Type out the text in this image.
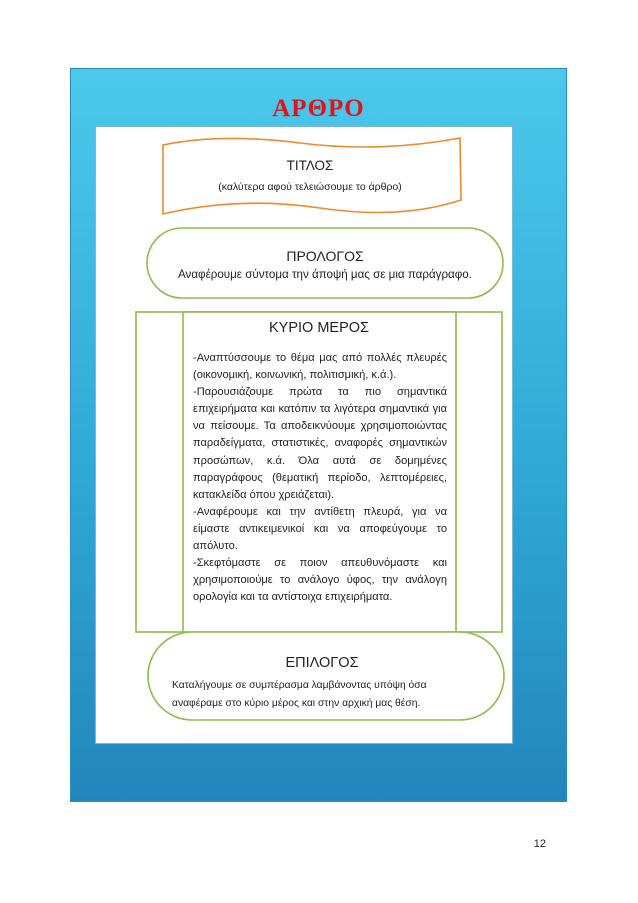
ΑΡΘΡΟ
ΤΙΤΛΟΣ
(καλύτερα αφού τελειώσουμε το άρθρο)
ΠΡΟΛΟΓΟΣ
Αναφέρουμε σύντομα την άποψή μας σε μια παράγραφο.
ΚΥΡΙΟ ΜΕΡΟΣ

-Αναπτύσσουμε το θέμα μας από πολλές πλευρές (οικονομική, κοινωνική, πολιτισμική, κ.ά.).

-Παρουσιάζουμε πρώτα τα πιο σημαντικά επιχειρήματα και κατόπιν τα λιγότερα σημαντικά για να πείσουμε. Τα αποδεικνύουμε χρησιμοποιώντας παραδείγματα, στατιστικές, αναφορές σημαντικών προσώπων, κ.ά. Όλα αυτά σε δομημένες παραγράφους (θεματική περίοδο, λεπτομέρειες, κατακλείδα όπου χρειάζεται).

-Αναφέρουμε και την αντίθετη πλευρά, για να είμαστε αντικειμενικοί και να αποφεύγουμε το απόλυτο.

-Σκεφτόμαστε σε ποιον απευθυνόμαστε και χρησιμοποιούμε το ανάλογο ύφος, την ανάλογη ορολογία και τα αντίστοιχα επιχειρήματα.

ΕΠΙΛΟΓΟΣ

Καταλήγουμε σε συμπέρασμα λαμβάνοντας υπόψη όσα

αναφέραμε στο κύριο μέρος και στην αρχική μας θέση.

12
